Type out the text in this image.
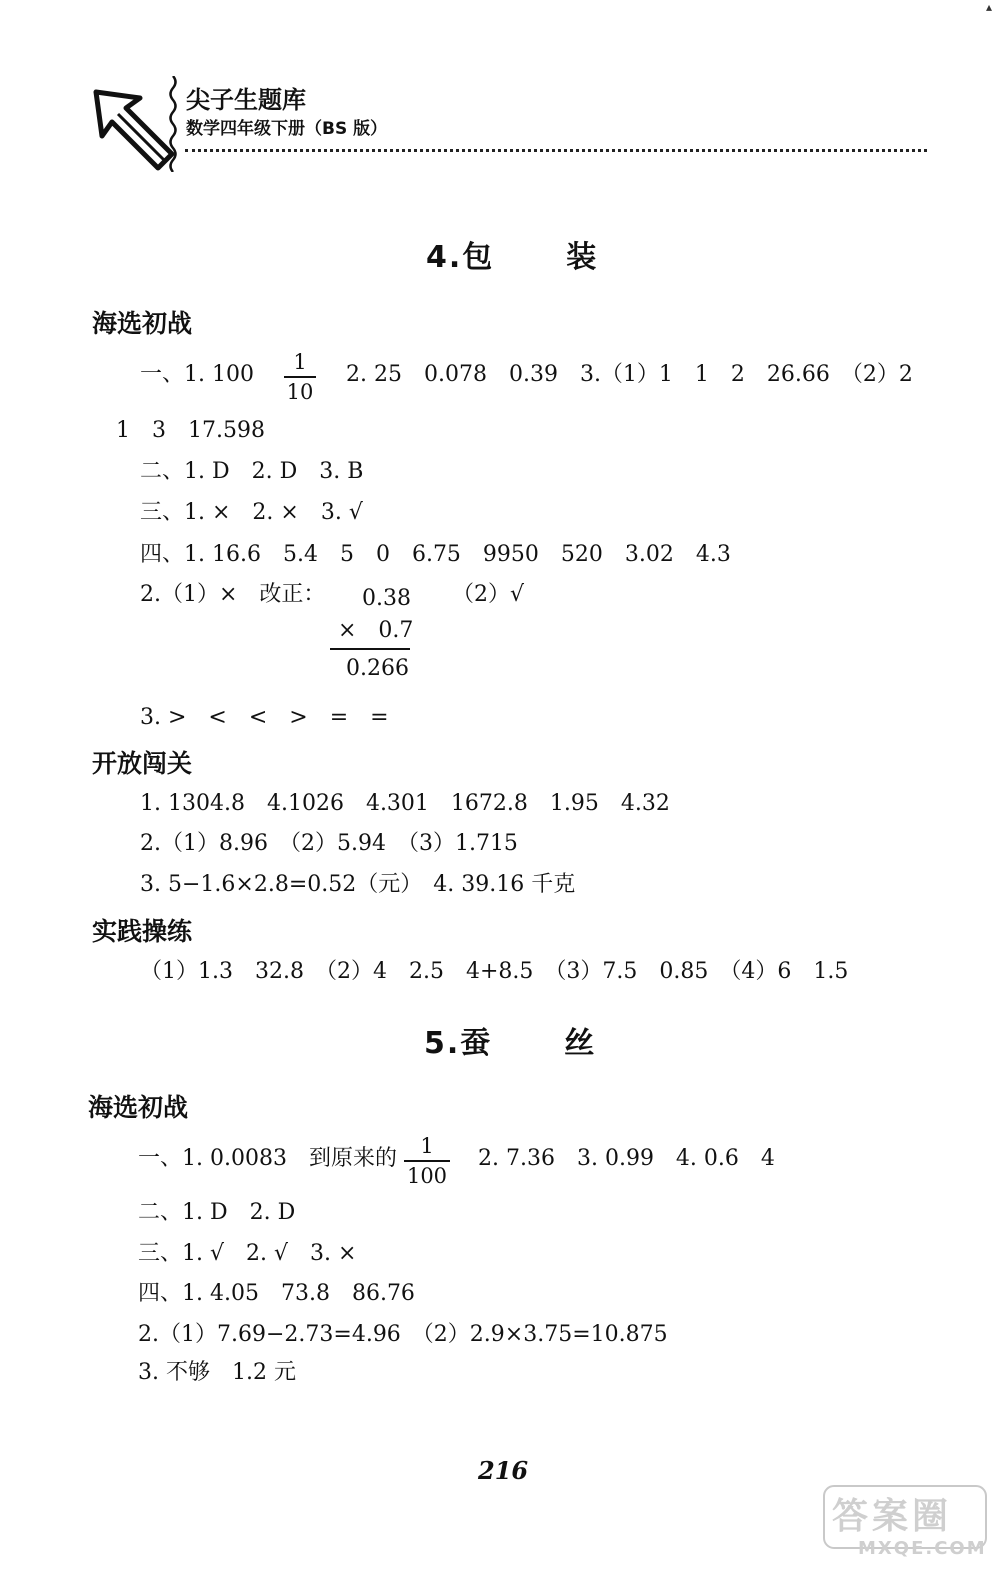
尖子生题库
数学四年级下册（BS 版）
▴
4.包 装
海选初战
一、1. 100	1
10
2. 25　0.078　0.39　3.（1）1　1　2　26.66　（2）2
1　3　17.598
二、1. D　2. D　3. B
三、1. ×　2. ×　3. √
四、1. 16.6　5.4　5　0　6.75　9950　520　3.02　4.3
2.（1）×　改正： 0.38
×　0.7
0.266
（2）√
3. >　<　<　>　=　=
开放闯关
1. 1304.8　4.1026　4.301　1672.8　1.95　4.32
2.（1）8.96　（2）5.94　（3）1.715
3. 5−1.6×2.8=0.52（元）　4. 39.16 千克
实践操练
（1）1.3　32.8　（2）4　2.5　4+8.5　（3）7.5　0.85　（4）6　1.5
5.蚕 丝
海选初战
一、1. 0.0083　到原来的	1
100
2. 7.36　3. 0.99　4. 0.6　4
二、1. D　2. D
三、1. √　2. √　3. ×
四、1. 4.05　73.8　86.76
2.（1）7.69−2.73=4.96　（2）2.9×3.75=10.875
3. 不够　1.2 元
216
答案圈
MXQE.COM
